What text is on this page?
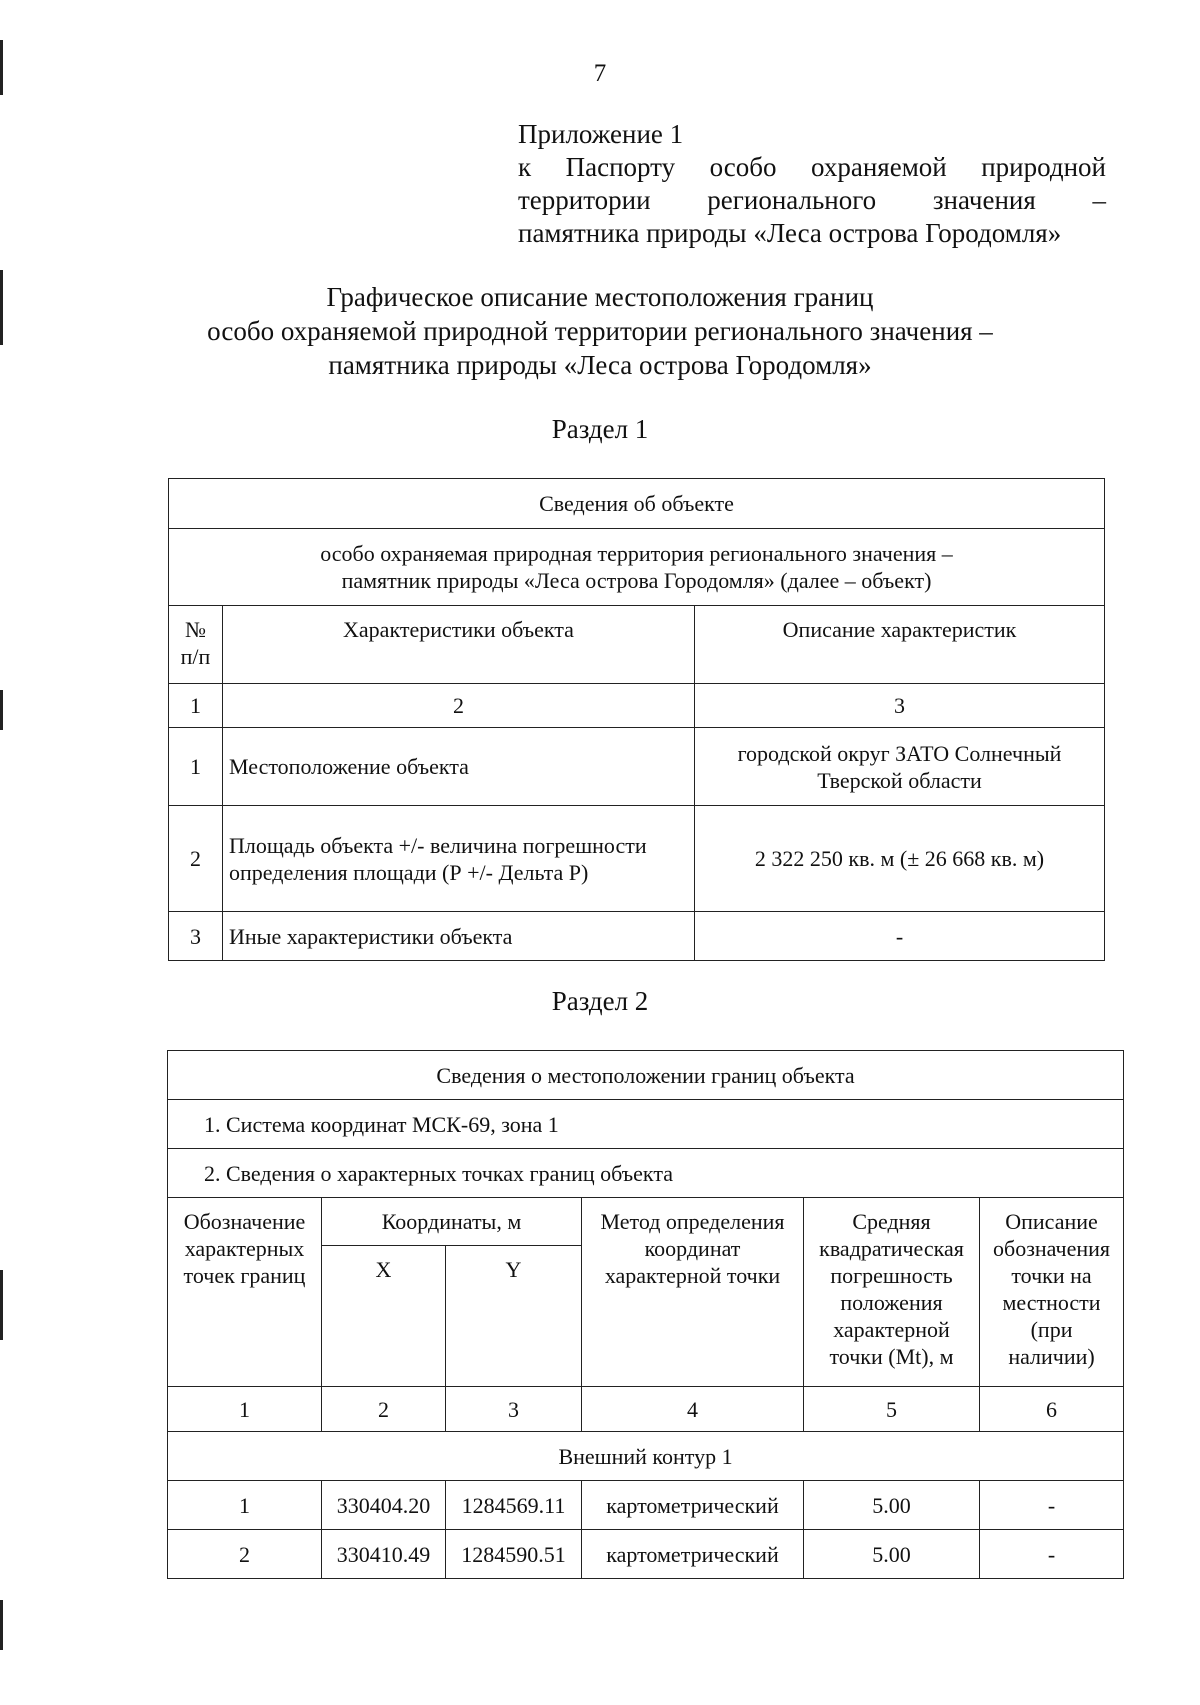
7
Приложение 1
к Паспорту особо охраняемой природной
территории регионального значения –
памятника природы «Леса острова Городомля»
Графическое описание местоположения границ
особо охраняемой природной территории регионального значения –
памятника природы «Леса острова Городомля»
Раздел 1
Сведения об объекте		

особо охраняемая природная территория регионального значения –
памятник природы «Леса острова Городомля» (далее – объект)		

№ п/п	Характеристики объекта	Описание характеристик
1	2	3
1	Местоположение объекта	городской округ ЗАТО Солнечный Тверской области
2	Площадь объекта +/- величина погрешности определения площади (Р +/- Дельта Р)	2 322 250 кв. м (± 26 668 кв. м)
3	Иные характеристики объекта	-
Раздел 2
Сведения о местоположении границ объекта					
1. Система координат МСК-69, зона 1					
2. Сведения о характерных точках границ объекта					
Обозначение характерных точек границ	Координаты, м		Метод определения координат характерной точки	Средняя квадратическая погрешность положения характерной точки (Mt), м	Описание обозначения точки на местности (при наличии)
	X	Y			
1	2	3	4	5	6
Внешний контур 1					
1	330404.20	1284569.11	картометрический	5.00	-
2	330410.49	1284590.51	картометрический	5.00	-
